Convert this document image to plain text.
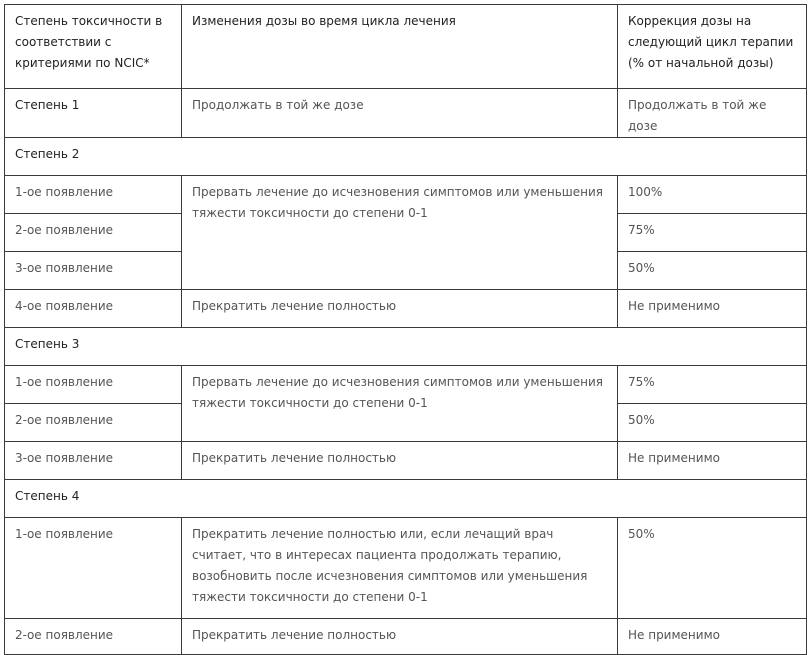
Степень токсичности в соответствии с критериями по NCIC*	Изменения дозы во время цикла лечения	Коррекция дозы на следующий цикл терапии (% от начальной дозы)
Степень 1	Продолжать в той же дозе	Продолжать в той же дозе
Степень 2		
1-ое появление	Прервать лечение до исчезновения симптомов или уменьшения тяжести токсичности до степени 0-1	100%
2-ое появление		75%
3-ое появление		50%
4-ое появление	Прекратить лечение полностью	Не применимо
Степень 3		
1-ое появление	Прервать лечение до исчезновения симптомов или уменьшения тяжести токсичности до степени 0-1	75%
2-ое появление		50%
3-ое появление	Прекратить лечение полностью	Не применимо
Степень 4		
1-ое появление	Прекратить лечение полностью или, если лечащий врач считает, что в интересах пациента продолжать терапию, возобновить после исчезновения симптомов или уменьшения тяжести токсичности до степени 0-1	50%
2-ое появление	Прекратить лечение полностью	Не применимо
